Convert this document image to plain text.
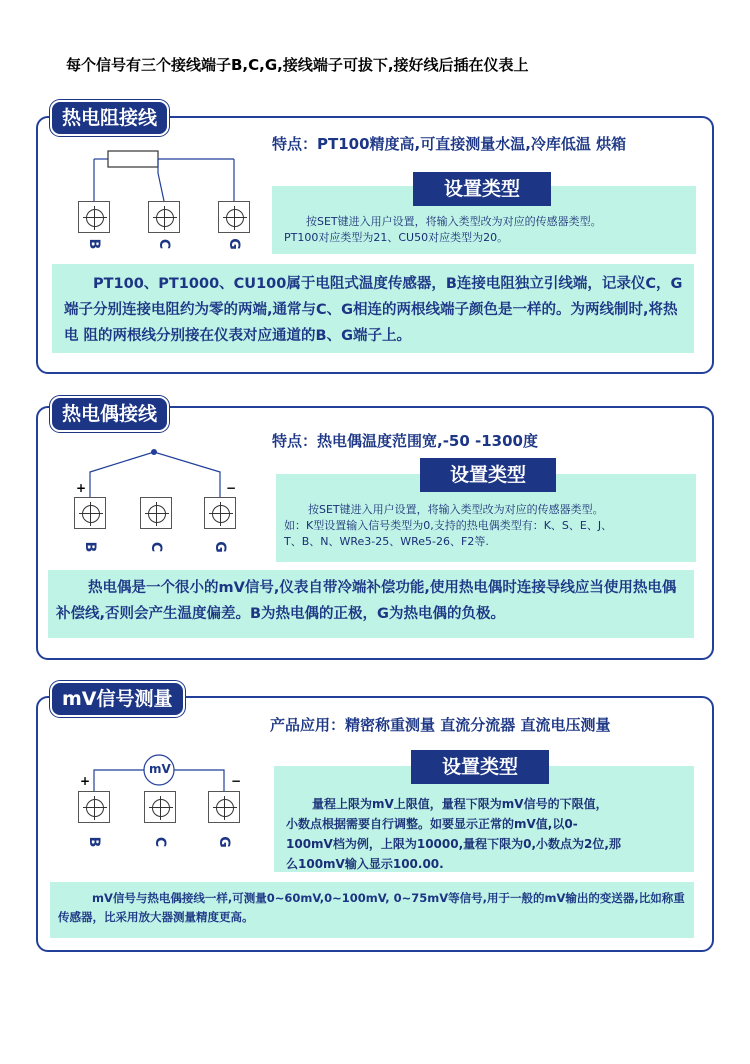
每个信号有三个接线端子B,C,G,接线端子可拔下,接好线后插在仪表上
热电阻接线
特点：PT100精度高,可直接测量水温,冷库低温 烘箱
B	C	G
设置类型
按SET键进入用户设置，将输入类型改为对应的传感器类型。
PT100对应类型为21、CU50对应类型为20。
PT100、PT1000、CU100属于电阻式温度传感器，B连接电阻独立引线端，记录仪C，G端子分别连接电阻约为零的两端,通常与C、G相连的两根线端子颜色是一样的。为两线制时,将热电 阻的两根线分别接在仪表对应通道的B、G端子上。
热电偶接线
特点：热电偶温度范围宽,-50 -1300度
+	−
B	C	G
设置类型
按SET键进入用户设置，将输入类型改为对应的传感器类型。
如：K型设置输入信号类型为0,支持的热电偶类型有：K、S、E、J、
T、B、N、WRe3-25、WRe5-26、F2等.
热电偶是一个很小的mV信号,仪表自带冷端补偿功能,使用热电偶时连接导线应当使用热电偶补偿线,否则会产生温度偏差。B为热电偶的正极，G为热电偶的负极。
mV信号测量
产品应用：精密称重测量 直流分流器 直流电压测量
mV
+	−
B	C	G
设置类型
量程上限为mV上限值，量程下限为mV信号的下限值，
小数点根据需要自行调整。如要显示正常的mV值,以0-
100mV档为例，上限为10000,量程下限为0,小数点为2位,那
么100mV输入显示100.00.
mV信号与热电偶接线一样,可测量0~60mV,0~100mV, 0~75mV等信号,用于一般的mV输出的变送器,比如称重传感器，比采用放大器测量精度更高。
